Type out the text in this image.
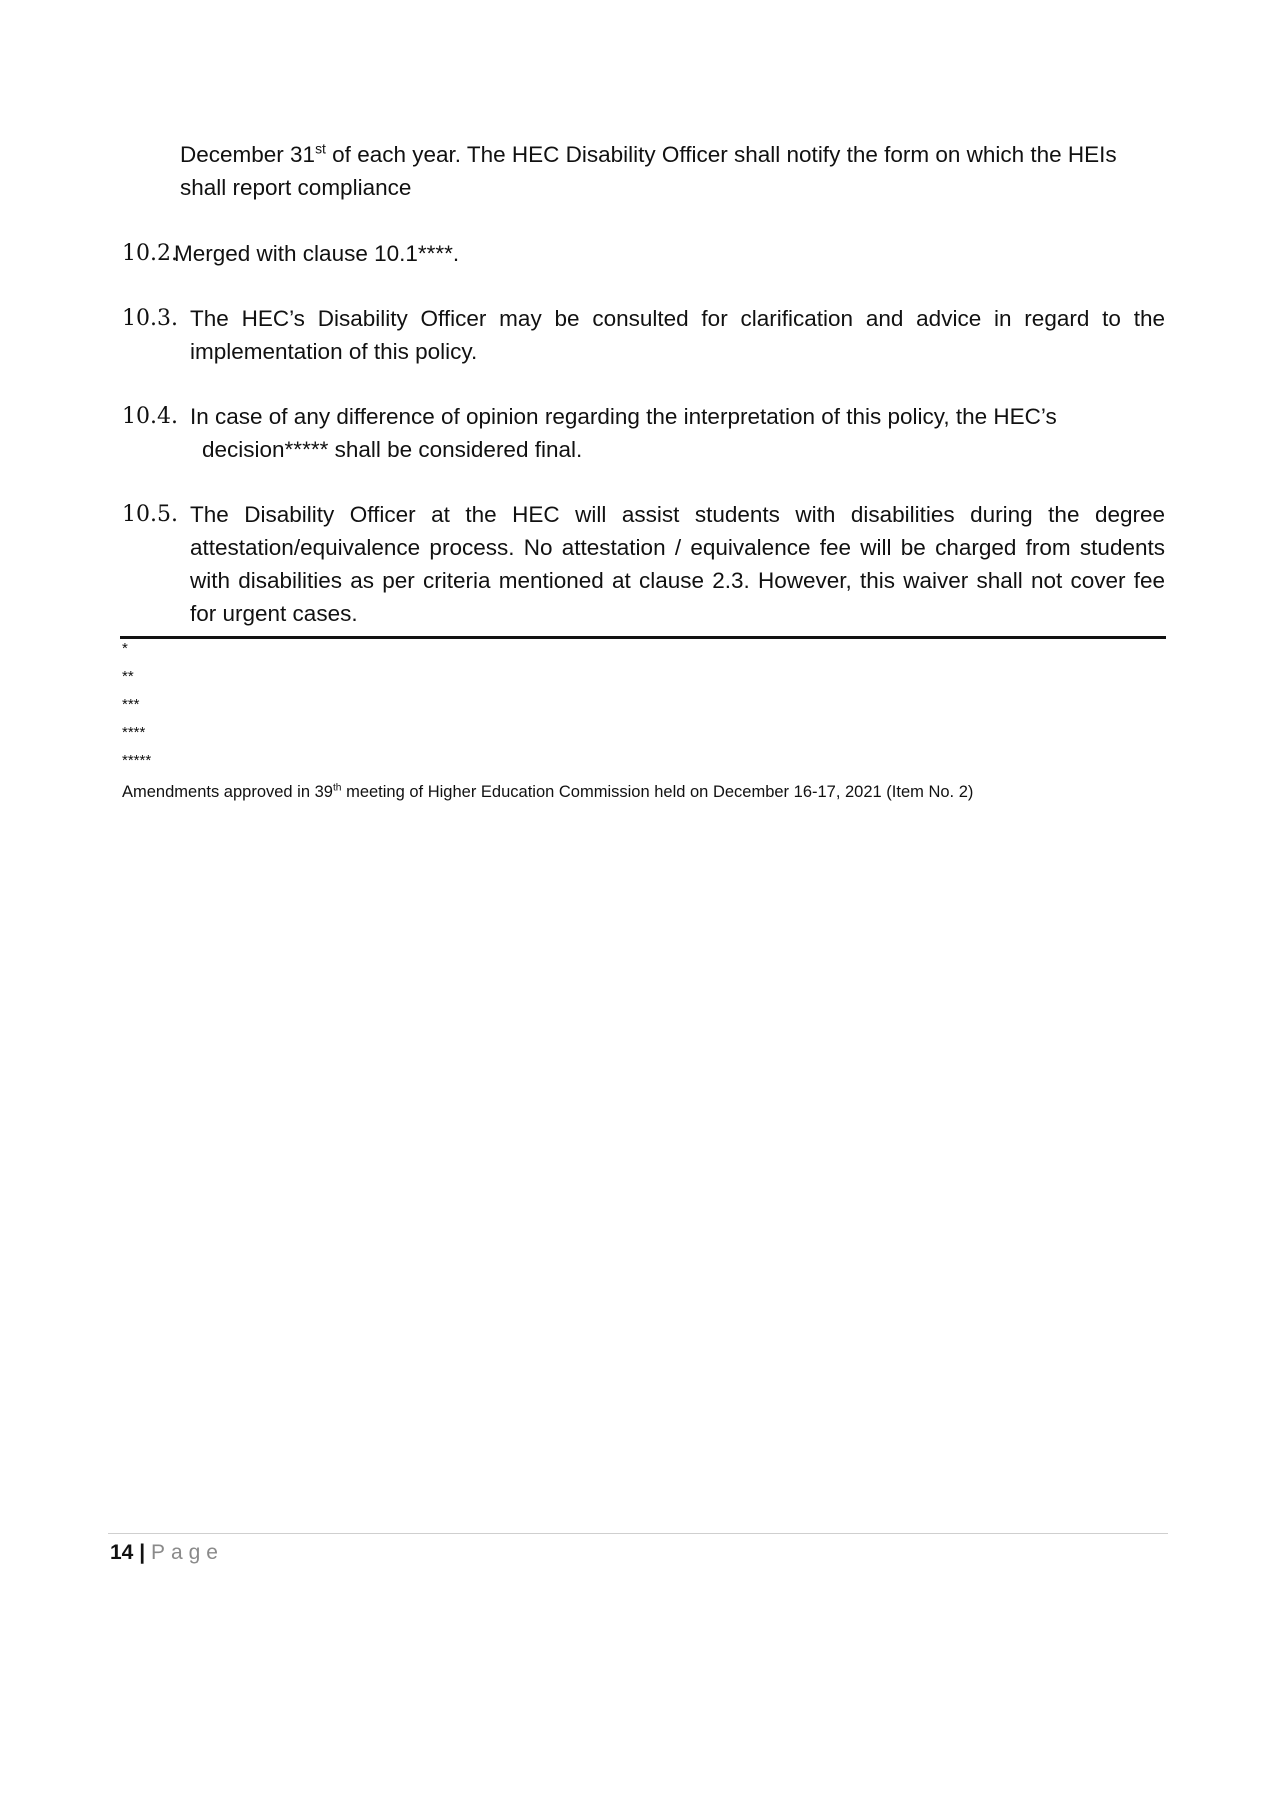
December 31st of each year. The HEC Disability Officer shall notify the form on which the HEIs
shall report compliance
10.2.
Merged with clause 10.1****.
10.3. The HEC’s Disability Officer may be consulted for clarification and advice in regard to the implementation of this policy.
10.4. In case of any difference of opinion regarding the interpretation of this policy, the HEC’s
decision***** shall be considered final.
10.5. The Disability Officer at the HEC will assist students with disabilities during the degree attestation/equivalence process. No attestation / equivalence fee will be charged from students with disabilities as per criteria mentioned at clause 2.3. However, this waiver shall not cover fee for urgent cases.
*
**
***
****
*****
Amendments approved in 39th meeting of Higher Education Commission held on December 16-17, 2021 (Item No. 2)
14 | Page
